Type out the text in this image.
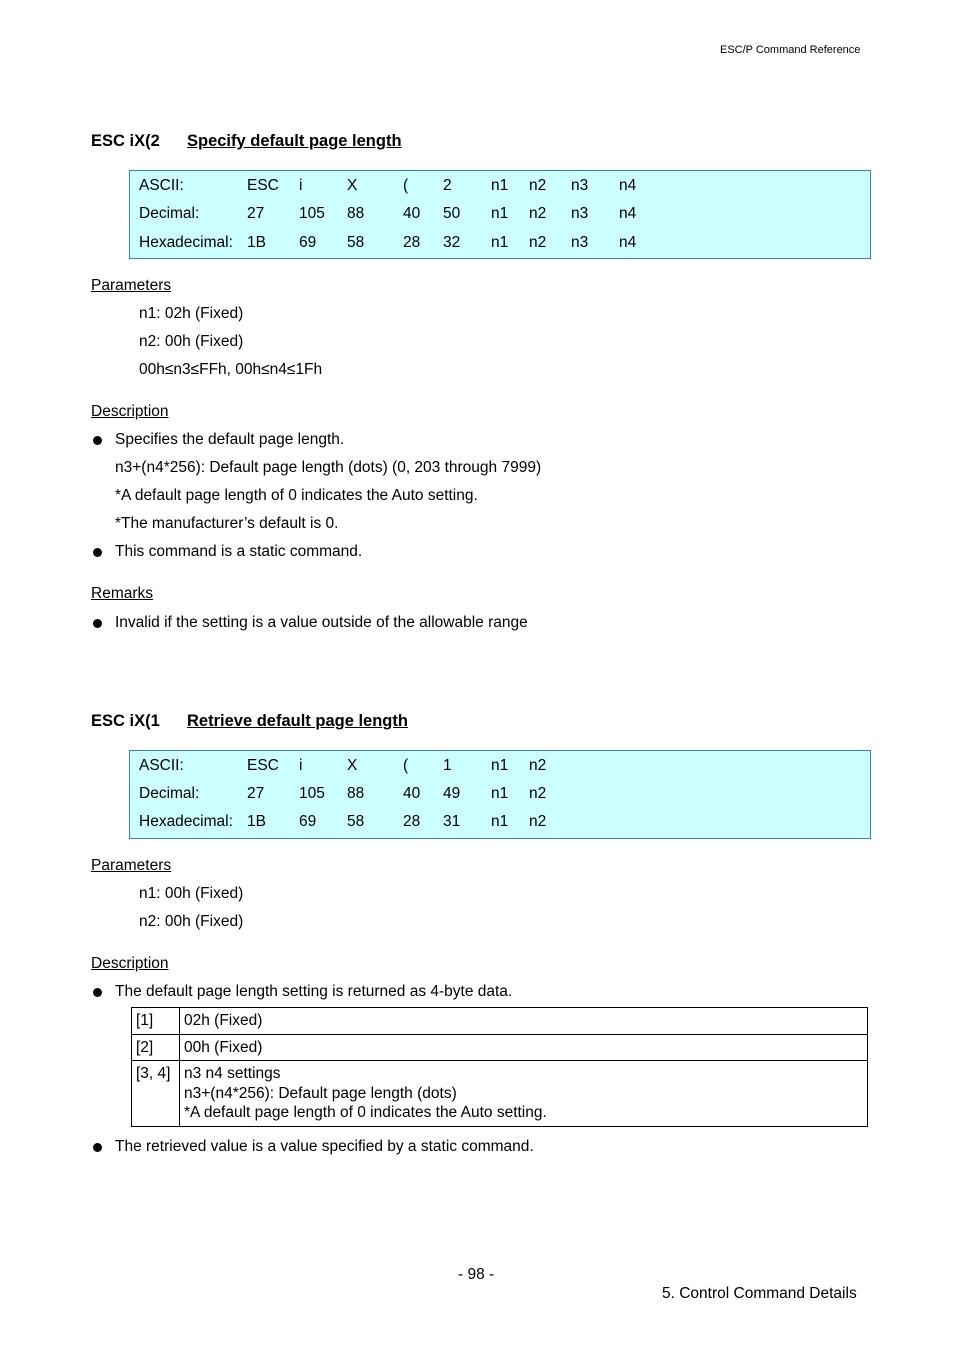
ESC/P Command Reference
ESC iX(2 Specify default page length
ASCII:	ESC i	X	( 2	n1 n2 n3 n4
Decimal:	27 105 88	40 50 n1 n2 n3 n4
Hexadecimal: 1B 69 58	28 32 n1 n2 n3 n4
Parameters
n1: 02h (Fixed)
n2: 00h (Fixed)
00h≤n3≤FFh, 00h≤n4≤1Fh
Description
Specifies the default page length.
n3+(n4*256): Default page length (dots) (0, 203 through 7999)
*A default page length of 0 indicates the Auto setting.
*The manufacturer’s default is 0.
This command is a static command.
Remarks
Invalid if the setting is a value outside of the allowable range
ESC iX(1 Retrieve default page length
ASCII:	ESC i	X	( 1	n1 n2
Decimal:	27 105 88	40 49 n1 n2
Hexadecimal: 1B 69 58	28 31 n1 n2
Parameters
n1: 00h (Fixed)
n2: 00h (Fixed)
Description
The default page length setting is returned as 4-byte data.
[1]	02h (Fixed)

[2]	00h (Fixed)

[3, 4]	n3 n4 settings
n3+(n4*256): Default page length (dots)
*A default page length of 0 indicates the Auto setting.
The retrieved value is a value specified by a static command.
- 98 -
5. Control Command Details
